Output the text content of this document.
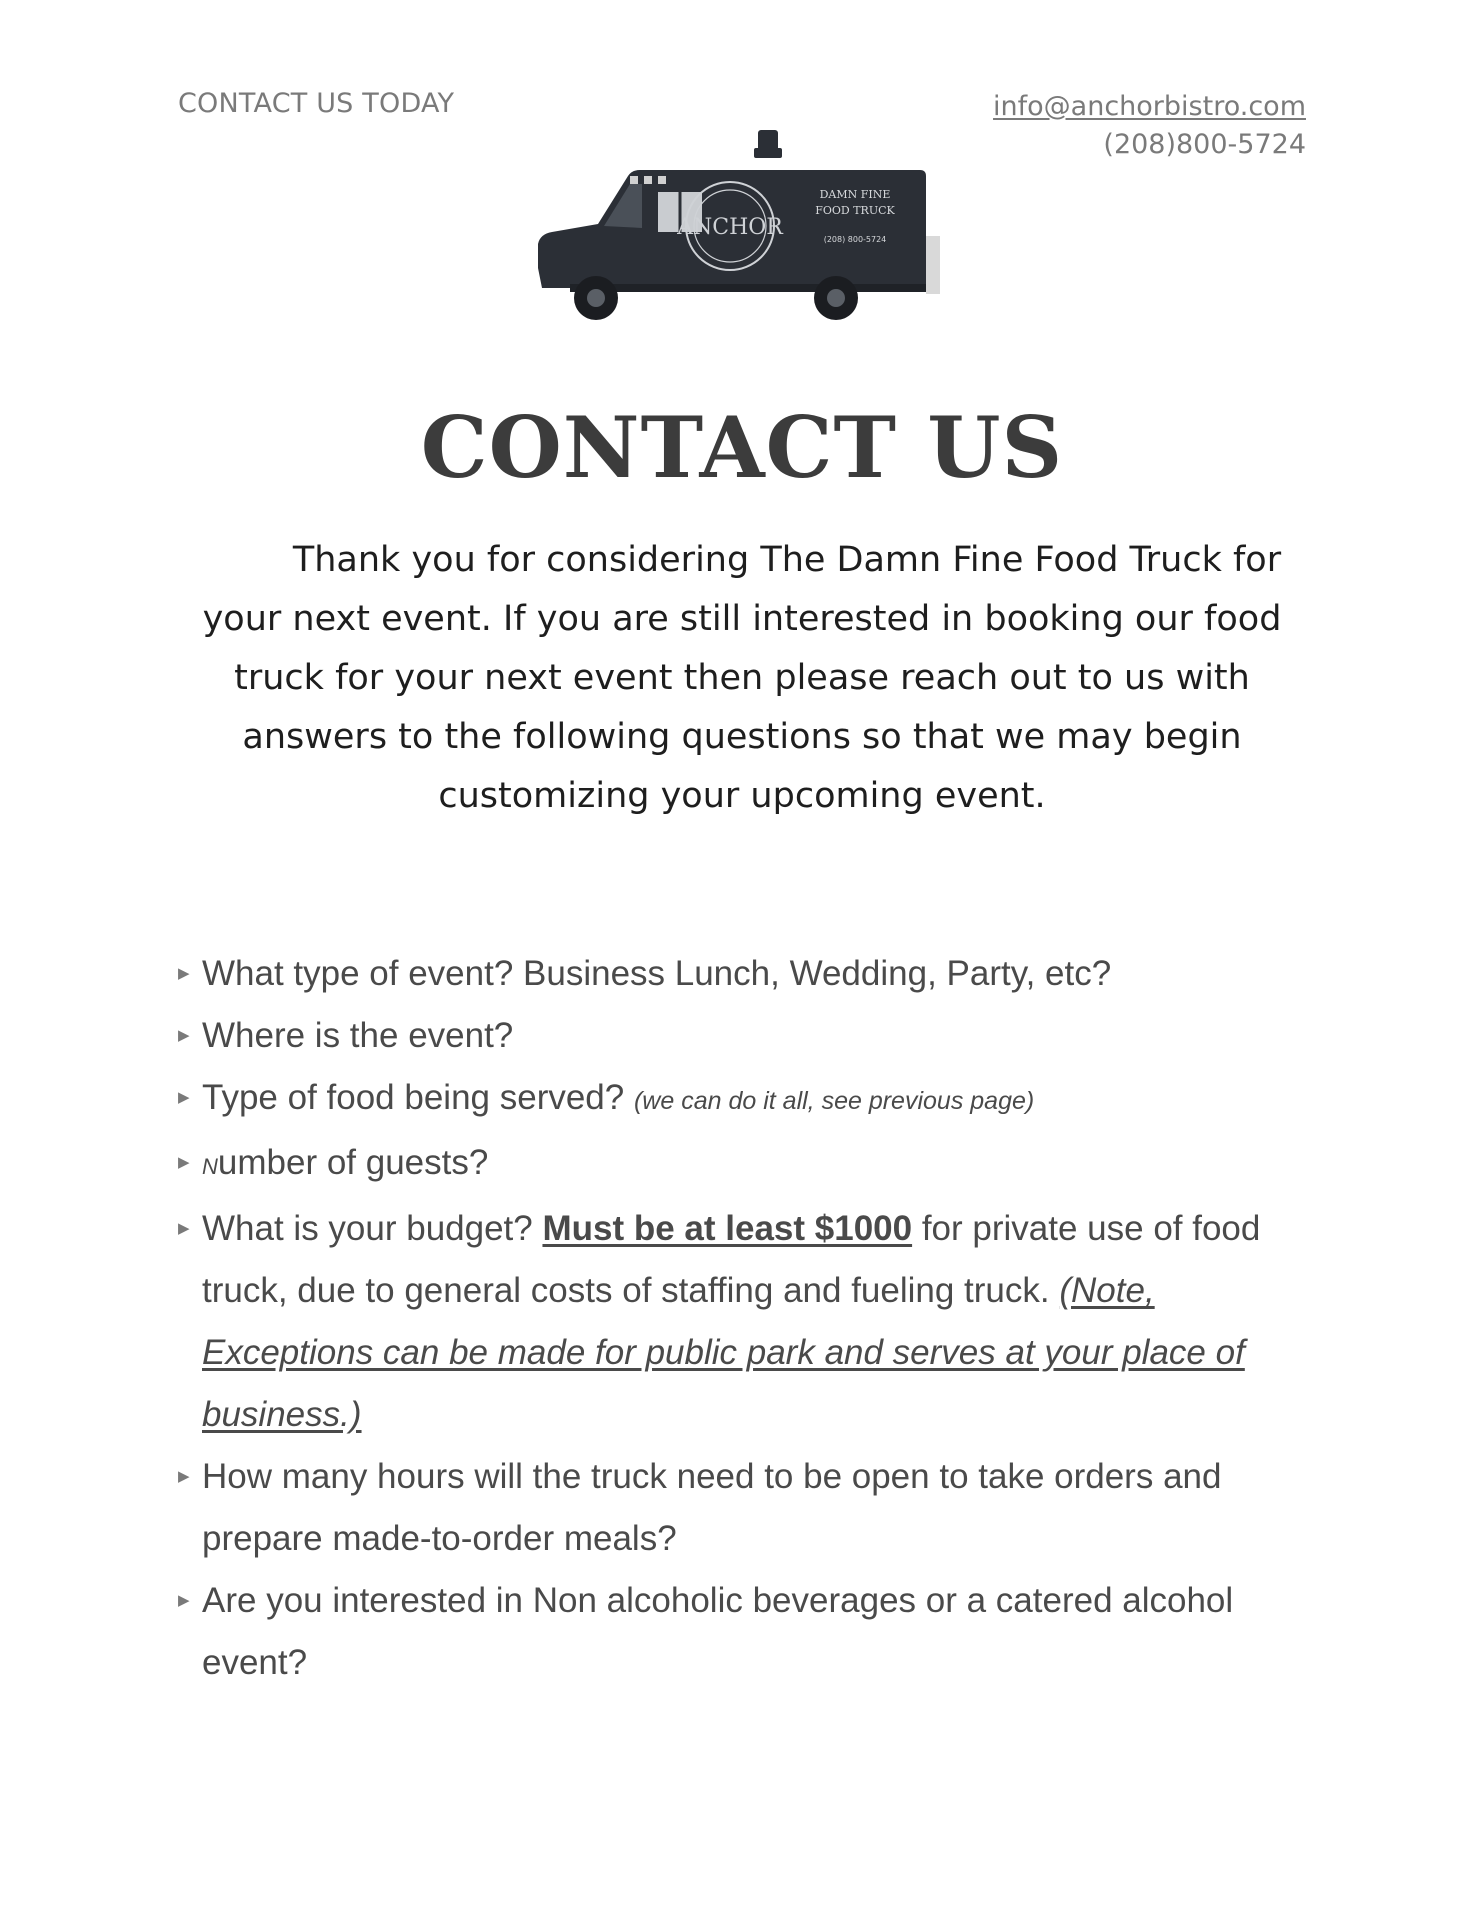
CONTACT US TODAY	info@anchorbistro.com
(208)800-5724
ANCHOR
DAMN FINE
FOOD TRUCK
(208) 800-5724
CONTACT US

Thank you for considering The Damn Fine Food Truck for your next event. If you are still interested in booking our food truck for your next event then please reach out to us with answers to the following questions so that we may begin customizing your upcoming event.

▶ What type of event? Business Lunch, Wedding, Party, etc?
▶ Where is the event?
▶ Type of food being served? (we can do it all, see previous page)
▶ Number of guests?
▶ What is your budget? Must be at least $1000 for private use of food truck, due to general costs of staffing and fueling truck. (Note, Exceptions can be made for public park and serves at your place of business.)
▶ How many hours will the truck need to be open to take orders and prepare made-to-order meals?
▶ Are you interested in Non alcoholic beverages or a catered alcohol event?
